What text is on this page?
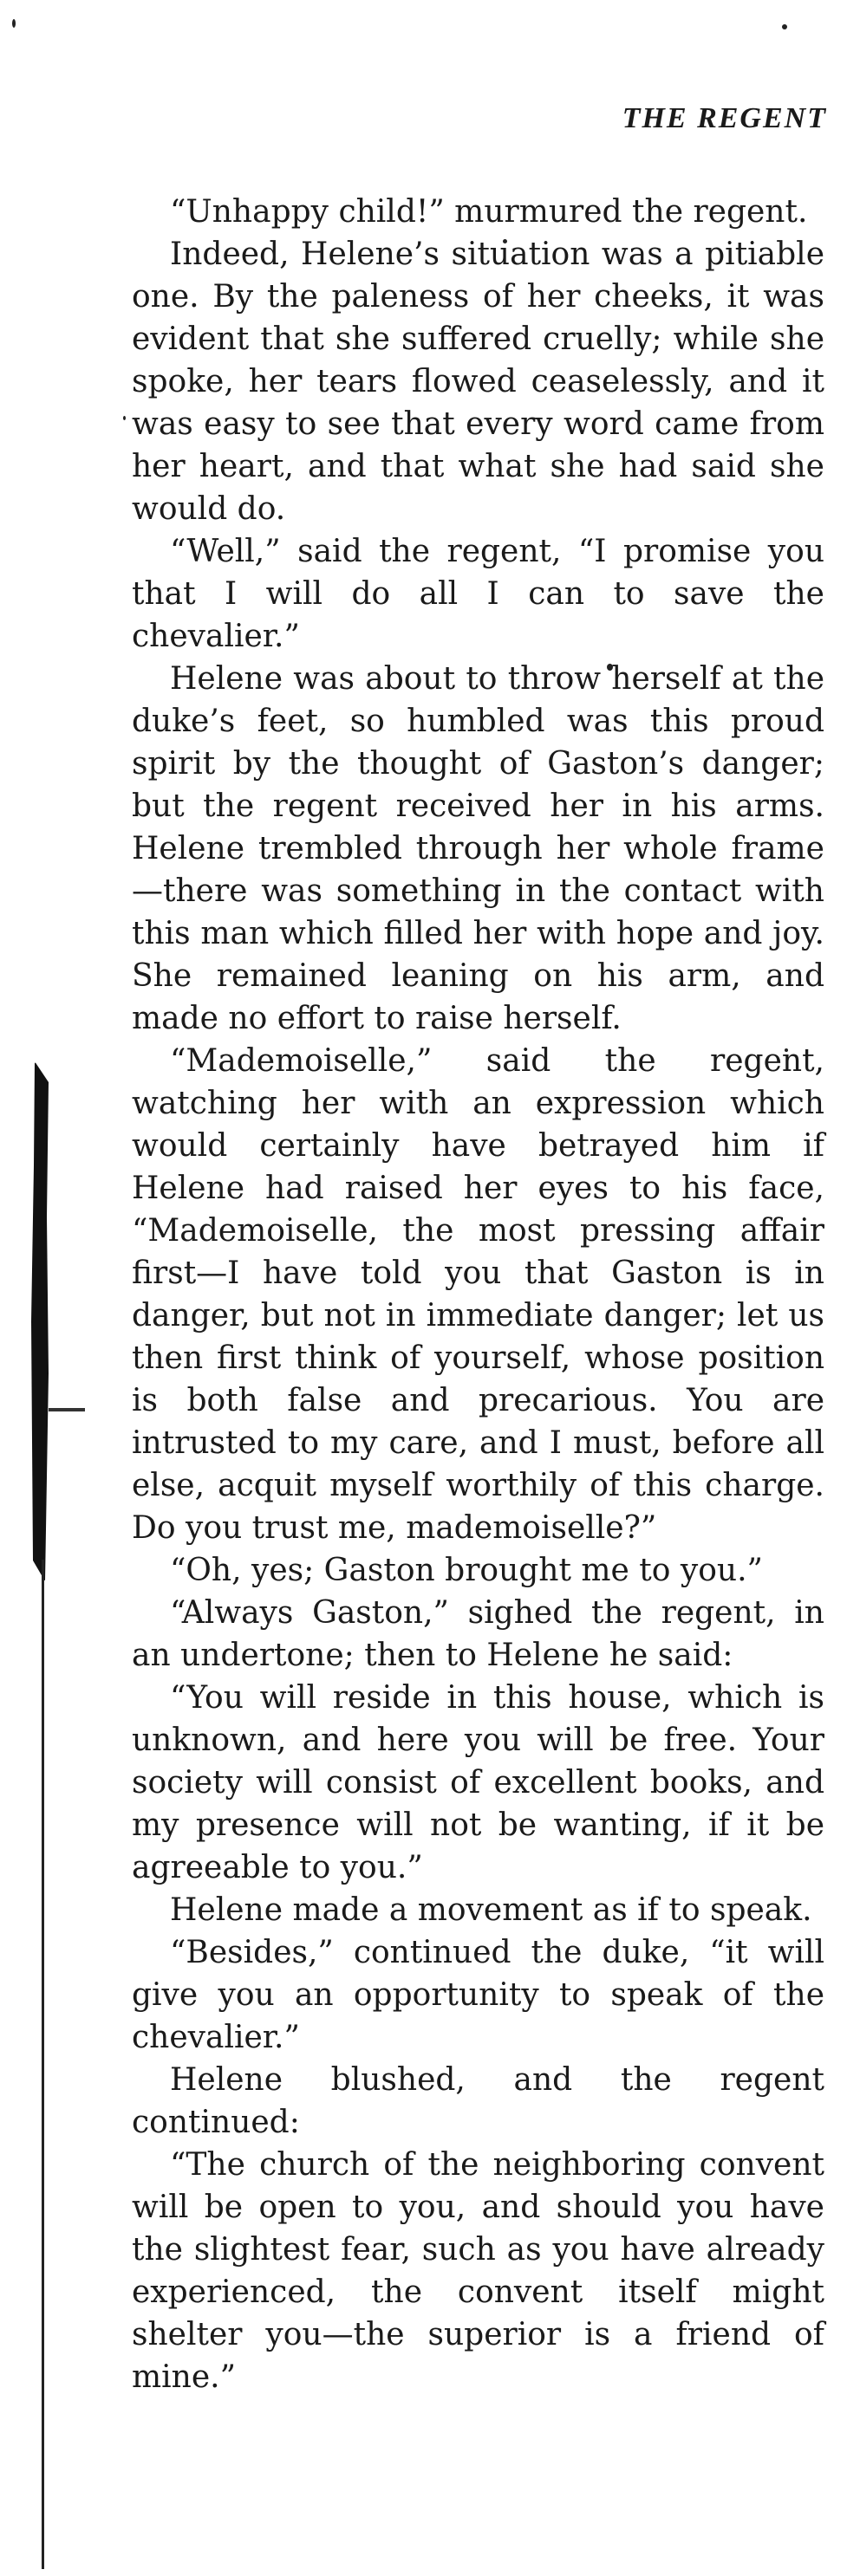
THE REGENT

“Unhappy child!” murmured the regent.

Indeed, Helene’s situation was a pitiable one. By the paleness of her cheeks, it was evident that she suffered cruelly; while she spoke, her tears flowed ceaselessly, and it was easy to see that every word came from her heart, and that what she had said she would do.

“Well,” said the regent, “I promise you that I will do all I can to save the chevalier.”

Helene was about to throw herself at the duke’s feet, so humbled was this proud spirit by the thought of Gaston’s danger; but the regent received her in his arms. Helene trembled through her whole frame—there was something in the contact with this man which filled her with hope and joy. She remained leaning on his arm, and made no effort to raise herself.

“Mademoiselle,” said the regent, watching her with an expression which would certainly have betrayed him if Helene had raised her eyes to his face, “Mademoiselle, the most pressing affair first—I have told you that Gaston is in danger, but not in immediate danger; let us then first think of yourself, whose position is both false and precarious. You are intrusted to my care, and I must, before all else, acquit myself worthily of this charge. Do you trust me, mademoiselle?”

“Oh, yes; Gaston brought me to you.”

“Always Gaston,” sighed the regent, in an undertone; then to Helene he said:

“You will reside in this house, which is unknown, and here you will be free. Your society will consist of excellent books, and my presence will not be wanting, if it be agreeable to you.”

Helene made a movement as if to speak.

“Besides,” continued the duke, “it will give you an opportunity to speak of the chevalier.”

Helene blushed, and the regent continued:

“The church of the neighboring convent will be open to you, and should you have the slightest fear, such as you have already experienced, the convent itself might shelter you—the superior is a friend of mine.”
